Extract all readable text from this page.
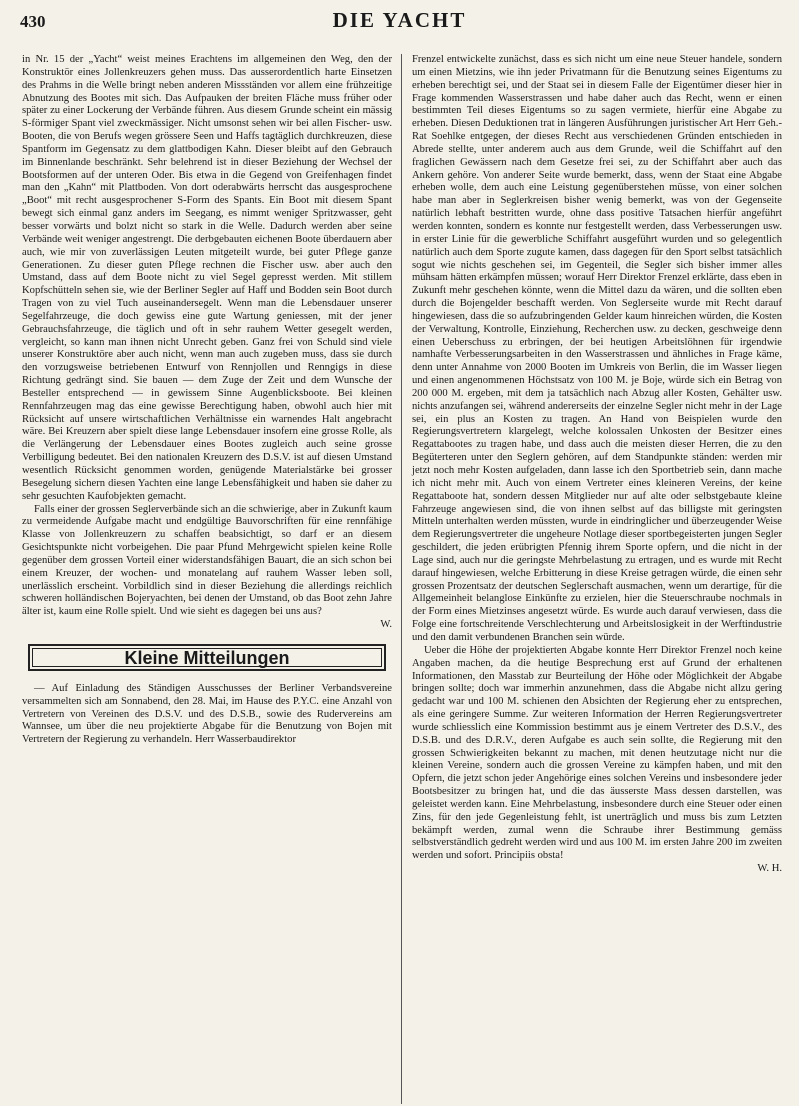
430	DIE YACHT

in Nr. 15 der „Yacht“ weist meines Erachtens im allgemeinen den Weg, den der Konstruktör eines Jollenkreuzers gehen muss. Das ausserordentlich harte Einsetzen des Prahms in die Welle bringt neben anderen Missständen vor allem eine frühzeitige Abnutzung des Bootes mit sich. Das Aufpauken der breiten Fläche muss früher oder später zu einer Lockerung der Verbände führen. Aus diesem Grunde scheint ein mässig S-förmiger Spant viel zweckmässiger. Nicht umsonst sehen wir bei allen Fischer- usw. Booten, die von Berufs wegen grössere Seen und Haffs tagtäglich durchkreuzen, diese Spantform im Gegensatz zu dem glattbodigen Kahn. Dieser bleibt auf den Gebrauch im Binnenlande beschränkt. Sehr belehrend ist in dieser Beziehung der Wechsel der Bootsformen auf der unteren Oder. Bis etwa in die Gegend von Greifenhagen findet man den „Kahn“ mit Plattboden. Von dort oderabwärts herrscht das ausgesprochene „Boot“ mit recht ausgesprochener S-Form des Spants. Ein Boot mit diesem Spant bewegt sich einmal ganz anders im Seegang, es nimmt weniger Spritzwasser, geht besser vorwärts und bolzt nicht so stark in die Welle. Dadurch werden aber seine Verbände weit weniger angestrengt. Die derbgebauten eichenen Boote überdauern aber auch, wie mir von zuverlässigen Leuten mitgeteilt wurde, bei guter Pflege ganze Generationen. Zu dieser guten Pflege rechnen die Fischer usw. aber auch den Umstand, dass auf dem Boote nicht zu viel Segel gepresst werden. Mit stillem Kopfschütteln sehen sie, wie der Berliner Segler auf Haff und Bodden sein Boot durch Tragen von zu viel Tuch auseinandersegelt. Wenn man die Lebensdauer unserer Segelfahrzeuge, die doch gewiss eine gute Wartung geniessen, mit der jener Gebrauchsfahrzeuge, die täglich und oft in sehr rauhem Wetter gesegelt werden, vergleicht, so kann man ihnen nicht Unrecht geben. Ganz frei von Schuld sind viele unserer Konstruktöre aber auch nicht, wenn man auch zugeben muss, dass sie durch den vorzugsweise betriebenen Entwurf von Rennjollen und Renngigs in diese Richtung gedrängt sind. Sie bauen — dem Zuge der Zeit und dem Wunsche der Besteller entsprechend — in gewissem Sinne Augenblicksboote. Bei kleinen Rennfahrzeugen mag das eine gewisse Berechtigung haben, obwohl auch hier mit Rücksicht auf unsere wirtschaftlichen Verhältnisse ein warnendes Halt angebracht wäre. Bei Kreuzern aber spielt diese lange Lebensdauer insofern eine grosse Rolle, als die Verlängerung der Lebensdauer eines Bootes zugleich auch seine grosse Verbilligung bedeutet. Bei den nationalen Kreuzern des D.S.V. ist auf diesen Umstand wesentlich Rücksicht genommen worden, genügende Materialstärke bei grosser Besegelung sichern diesen Yachten eine lange Lebensfähigkeit und haben sie daher zu sehr gesuchten Kaufobjekten gemacht.

Falls einer der grossen Seglerverbände sich an die schwierige, aber in Zukunft kaum zu vermeidende Aufgabe macht und endgültige Bauvorschriften für eine rennfähige Klasse von Jollenkreuzern zu schaffen beabsichtigt, so darf er an diesem Gesichtspunkte nicht vorbeigehen. Die paar Pfund Mehrgewicht spielen keine Rolle gegenüber dem grossen Vorteil einer widerstandsfähigen Bauart, die an sich schon bei einem Kreuzer, der wochen- und monatelang auf rauhem Wasser leben soll, unerlässlich erscheint. Vorbildlich sind in dieser Beziehung die allerdings reichlich schweren holländischen Bojeryachten, bei denen der Umstand, ob das Boot zehn Jahre älter ist, kaum eine Rolle spielt. Und wie sieht es dagegen bei uns aus?

W.

Kleine Mitteilungen

— Auf Einladung des Ständigen Ausschusses der Berliner Verbandsvereine versammelten sich am Sonnabend, den 28. Mai, im Hause des P.Y.C. eine Anzahl von Vertretern von Vereinen des D.S.V. und des D.S.B., sowie des Rudervereins am Wannsee, um über die neu projektierte Abgabe für die Benutzung von Bojen mit Vertretern der Regierung zu verhandeln. Herr Wasserbaudirektor

Frenzel entwickelte zunächst, dass es sich nicht um eine neue Steuer handele, sondern um einen Mietzins, wie ihn jeder Privatmann für die Benutzung seines Eigentums zu erheben berechtigt sei, und der Staat sei in diesem Falle der Eigentümer dieser hier in Frage kommenden Wasserstrassen und habe daher auch das Recht, wenn er einen bestimmten Teil dieses Eigentums so zu sagen vermiete, hierfür eine Abgabe zu erheben. Diesen Deduktionen trat in längeren Ausführungen juristischer Art Herr Geh.-Rat Soehlke entgegen, der dieses Recht aus verschiedenen Gründen entschieden in Abrede stellte, unter anderem auch aus dem Grunde, weil die Schiffahrt auf den fraglichen Gewässern nach dem Gesetze frei sei, zu der Schiffahrt aber auch das Ankern gehöre. Von anderer Seite wurde bemerkt, dass, wenn der Staat eine Abgabe erheben wolle, dem auch eine Leistung gegenüberstehen müsse, von einer solchen habe man aber in Seglerkreisen bisher wenig bemerkt, was von der Gegenseite natürlich lebhaft bestritten wurde, ohne dass positive Tatsachen hierfür angeführt werden konnten, sondern es konnte nur festgestellt werden, dass Verbesserungen usw. in erster Linie für die gewerbliche Schiffahrt ausgeführt wurden und so gelegentlich natürlich auch dem Sporte zugute kamen, dass dagegen für den Sport selbst tatsächlich sogut wie nichts geschehen sei, im Gegenteil, die Segler sich bisher immer alles mühsam hätten erkämpfen müssen; worauf Herr Direktor Frenzel erklärte, dass eben in Zukunft mehr geschehen könnte, wenn die Mittel dazu da wären, und die sollten eben durch die Bojengelder beschafft werden. Von Seglerseite wurde mit Recht darauf hingewiesen, dass die so aufzubringenden Gelder kaum hinreichen würden, die Kosten der Verwaltung, Kontrolle, Einziehung, Recherchen usw. zu decken, geschweige denn einen Ueberschuss zu erbringen, der bei heutigen Arbeitslöhnen für irgendwie namhafte Verbesserungsarbeiten in den Wasserstrassen und ähnliches in Frage käme, denn unter Annahme von 2000 Booten im Umkreis von Berlin, die im Wasser liegen und einen angenommenen Höchstsatz von 100 M. je Boje, würde sich ein Betrag von 200 000 M. ergeben, mit dem ja tatsächlich nach Abzug aller Kosten, Gehälter usw. nichts anzufangen sei, während andererseits der einzelne Segler nicht mehr in der Lage sei, ein plus an Kosten zu tragen. An Hand von Beispielen wurde den Regierungsvertretern klargelegt, welche kolossalen Unkosten der Besitzer eines Regattabootes zu tragen habe, und dass auch die meisten dieser Herren, die zu den Begüterteren unter den Seglern gehören, auf dem Standpunkte ständen: werden mir jetzt noch mehr Kosten aufgeladen, dann lasse ich den Sportbetrieb sein, dann mache ich nicht mehr mit. Auch von einem Vertreter eines kleineren Vereins, der keine Regattaboote hat, sondern dessen Mitglieder nur auf alte oder selbstgebaute kleine Fahrzeuge angewiesen sind, die von ihnen selbst auf das billigste mit geringsten Mitteln unterhalten werden müssten, wurde in eindringlicher und überzeugender Weise dem Regierungsvertreter die ungeheure Notlage dieser sportbegeisterten jungen Segler geschildert, die jeden erübrigten Pfennig ihrem Sporte opfern, und die nicht in der Lage sind, auch nur die geringste Mehrbelastung zu ertragen, und es wurde mit Recht darauf hingewiesen, welche Erbitterung in diese Kreise getragen würde, die einen sehr grossen Prozentsatz der deutschen Seglerschaft ausmachen, wenn um derartige, für die Allgemeinheit belanglose Einkünfte zu erzielen, hier die Steuerschraube nochmals in der Form eines Mietzinses angesetzt würde. Es wurde auch darauf verwiesen, dass die Folge eine fortschreitende Verschlechterung und Arbeitslosigkeit in der Werftindustrie und den damit verbundenen Branchen sein würde.

Ueber die Höhe der projektierten Abgabe konnte Herr Direktor Frenzel noch keine Angaben machen, da die heutige Besprechung erst auf Grund der erhaltenen Informationen, den Masstab zur Beurteilung der Höhe oder Möglichkeit der Abgabe bringen sollte; doch war immerhin anzunehmen, dass die Abgabe nicht allzu gering gedacht war und 100 M. schienen den Absichten der Regierung eher zu entsprechen, als eine geringere Summe. Zur weiteren Information der Herren Regierungsvertreter wurde schliesslich eine Kommission bestimmt aus je einem Vertreter des D.S.V., des D.S.B. und des D.R.V., deren Aufgabe es auch sein sollte, die Regierung mit den grossen Schwierigkeiten bekannt zu machen, mit denen heutzutage nicht nur die kleinen Vereine, sondern auch die grossen Vereine zu kämpfen haben, und mit den Opfern, die jetzt schon jeder Angehörige eines solchen Vereins und insbesondere jeder Bootsbesitzer zu bringen hat, und die das äusserste Mass dessen darstellen, was geleistet werden kann. Eine Mehrbelastung, insbesondere durch eine Steuer oder einen Zins, für den jede Gegenleistung fehlt, ist unerträglich und muss bis zum Letzten bekämpft werden, zumal wenn die Schraube ihrer Bestimmung gemäss selbstverständlich gedreht werden wird und aus 100 M. im ersten Jahre 200 im zweiten werden und sofort. Principiis obsta!

W. H.
